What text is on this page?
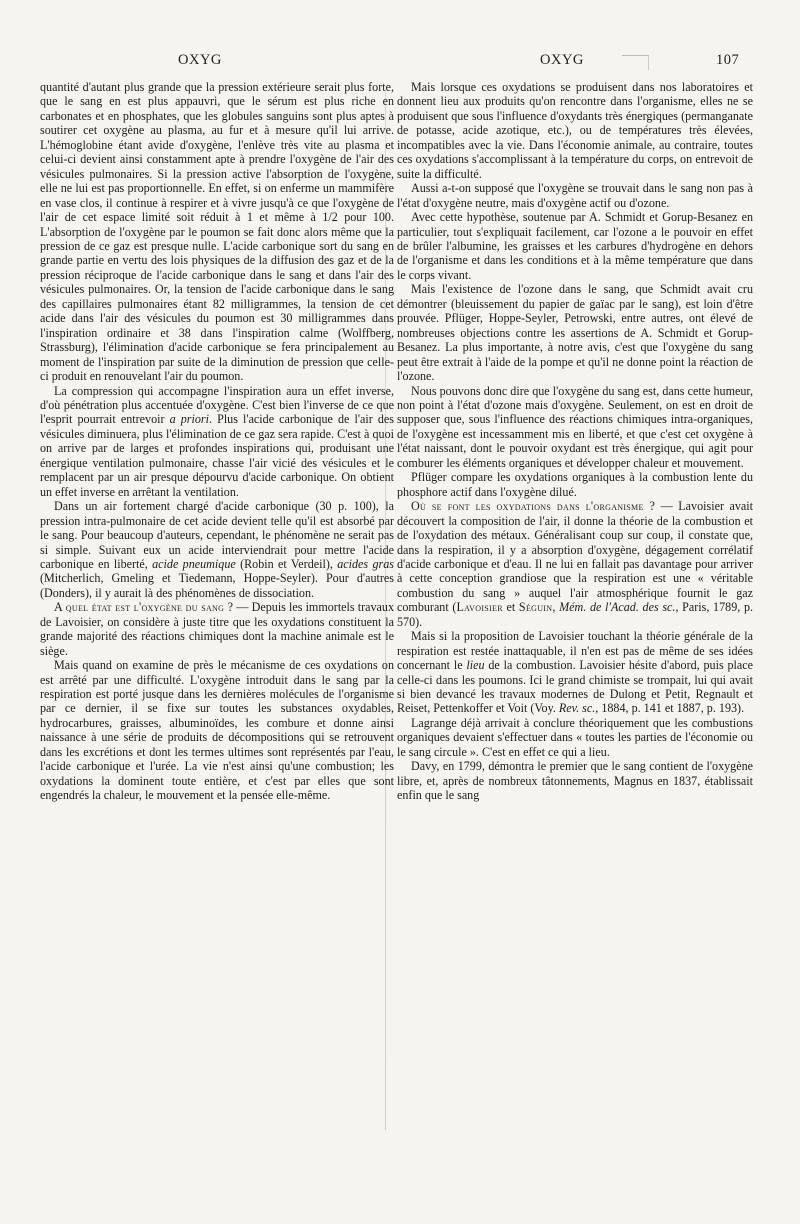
OXYG	OXYG	107

quantité d'autant plus grande que la pression extérieure serait plus forte, que le sang en est plus appauvri, que le sérum est plus riche en carbonates et en phosphates, que les globules sanguins sont plus aptes à soutirer cet oxygène au plasma, au fur et à mesure qu'il lui arrive. L'hémoglobine étant avide d'oxygène, l'enlève très vite au plasma et celui-ci devient ainsi constamment apte à prendre l'oxygène de l'air des vésicules pulmonaires. Si la pression active l'absorption de l'oxygène, elle ne lui est pas proportionnelle. En effet, si on enferme un mammifère en vase clos, il continue à respirer et à vivre jusqu'à ce que l'oxygène de l'air de cet espace limité soit réduit à 1 et même à 1/2 pour 100. L'absorption de l'oxygène par le poumon se fait donc alors même que la pression de ce gaz est presque nulle. L'acide carbonique sort du sang en grande partie en vertu des lois physiques de la diffusion des gaz et de la pression réciproque de l'acide carbonique dans le sang et dans l'air des vésicules pulmonaires. Or, la tension de l'acide carbonique dans le sang des capillaires pulmonaires étant 82 milligrammes, la tension de cet acide dans l'air des vésicules du poumon est 30 milligrammes dans l'inspiration ordinaire et 38 dans l'inspiration calme (Wolffberg, Strassburg), l'élimination d'acide carbonique se fera principalement au moment de l'inspiration par suite de la diminution de pression que celle-ci produit en renouvelant l'air du poumon.

La compression qui accompagne l'inspiration aura un effet inverse, d'où pénétration plus accentuée d'oxygène. C'est bien l'inverse de ce que l'esprit pourrait entrevoir a priori. Plus l'acide carbonique de l'air des vésicules diminuera, plus l'élimination de ce gaz sera rapide. C'est à quoi on arrive par de larges et profondes inspirations qui, produisant une énergique ventilation pulmonaire, chasse l'air vicié des vésicules et le remplacent par un air presque dépourvu d'acide carbonique. On obtient un effet inverse en arrêtant la ventilation.

Dans un air fortement chargé d'acide carbonique (30 p. 100), la pression intra-pulmonaire de cet acide devient telle qu'il est absorbé par le sang. Pour beaucoup d'auteurs, cependant, le phénomène ne serait pas si simple. Suivant eux un acide interviendrait pour mettre l'acide carbonique en liberté, acide pneumique (Robin et Verdeil), acides gras (Mitcherlich, Gmeling et Tiedemann, Hoppe-Seyler). Pour d'autres (Donders), il y aurait là des phénomènes de dissociation.

A quel état est l'oxygène du sang ? — Depuis les immortels travaux de Lavoisier, on considère à juste titre que les oxydations constituent la grande majorité des réactions chimiques dont la machine animale est le siège.

Mais quand on examine de près le mécanisme de ces oxydations on est arrêté par une difficulté. L'oxygène introduit dans le sang par la respiration est porté jusque dans les dernières molécules de l'organisme par ce dernier, il se fixe sur toutes les substances oxydables, hydrocarbures, graisses, albuminoïdes, les combure et donne ainsi naissance à une série de produits de décompositions qui se retrouvent dans les excrétions et dont les termes ultimes sont représentés par l'eau, l'acide carbonique et l'urée. La vie n'est ainsi qu'une combustion; les oxydations la dominent toute entière, et c'est par elles que sont engendrés la chaleur, le mouvement et la pensée elle-même.

Mais lorsque ces oxydations se produisent dans nos laboratoires et donnent lieu aux produits qu'on rencontre dans l'organisme, elles ne se produisent que sous l'influence d'oxydants très énergiques (permanganate de potasse, acide azotique, etc.), ou de températures très élevées, incompatibles avec la vie. Dans l'économie animale, au contraire, toutes ces oxydations s'accomplissant à la température du corps, on entrevoit de suite la difficulté.

Aussi a-t-on supposé que l'oxygène se trouvait dans le sang non pas à l'état d'oxygène neutre, mais d'oxygène actif ou d'ozone.

Avec cette hypothèse, soutenue par A. Schmidt et Gorup-Besanez en particulier, tout s'expliquait facilement, car l'ozone a le pouvoir en effet de brûler l'albumine, les graisses et les carbures d'hydrogène en dehors de l'organisme et dans les conditions et à la même température que dans le corps vivant.

Mais l'existence de l'ozone dans le sang, que Schmidt avait cru démontrer (bleuissement du papier de gaïac par le sang), est loin d'être prouvée. Pflüger, Hoppe-Seyler, Petrowski, entre autres, ont élevé de nombreuses objections contre les assertions de A. Schmidt et Gorup-Besanez. La plus importante, à notre avis, c'est que l'oxygène du sang peut être extrait à l'aide de la pompe et qu'il ne donne point la réaction de l'ozone.

Nous pouvons donc dire que l'oxygène du sang est, dans cette humeur, non point à l'état d'ozone mais d'oxygène. Seulement, on est en droit de supposer que, sous l'influence des réactions chimiques intra-organiques, de l'oxygène est incessamment mis en liberté, et que c'est cet oxygène à l'état naissant, dont le pouvoir oxydant est très énergique, qui agit pour comburer les éléments organiques et développer chaleur et mouvement.

Pflüger compare les oxydations organiques à la combustion lente du phosphore actif dans l'oxygène dilué.

Où se font les oxydations dans l'organisme ? — Lavoisier avait découvert la composition de l'air, il donne la théorie de la combustion et de l'oxydation des métaux. Généralisant coup sur coup, il constate que, dans la respiration, il y a absorption d'oxygène, dégagement corrélatif d'acide carbonique et d'eau. Il ne lui en fallait pas davantage pour arriver à cette conception grandiose que la respiration est une « véritable combustion du sang » auquel l'air atmosphérique fournit le gaz comburant (Lavoisier et Séguin, Mém. de l'Acad. des sc., Paris, 1789, p. 570).

Mais si la proposition de Lavoisier touchant la théorie générale de la respiration est restée inattaquable, il n'en est pas de même de ses idées concernant le lieu de la combustion. Lavoisier hésite d'abord, puis place celle-ci dans les poumons. Ici le grand chimiste se trompait, lui qui avait si bien devancé les travaux modernes de Dulong et Petit, Regnault et Reiset, Pettenkoffer et Voit (Voy. Rev. sc., 1884, p. 141 et 1887, p. 193).

Lagrange déjà arrivait à conclure théoriquement que les combustions organiques devaient s'effectuer dans « toutes les parties de l'économie ou le sang circule ». C'est en effet ce qui a lieu.

Davy, en 1799, démontra le premier que le sang contient de l'oxygène libre, et, après de nombreux tâtonnements, Magnus en 1837, établissait enfin que le sang
